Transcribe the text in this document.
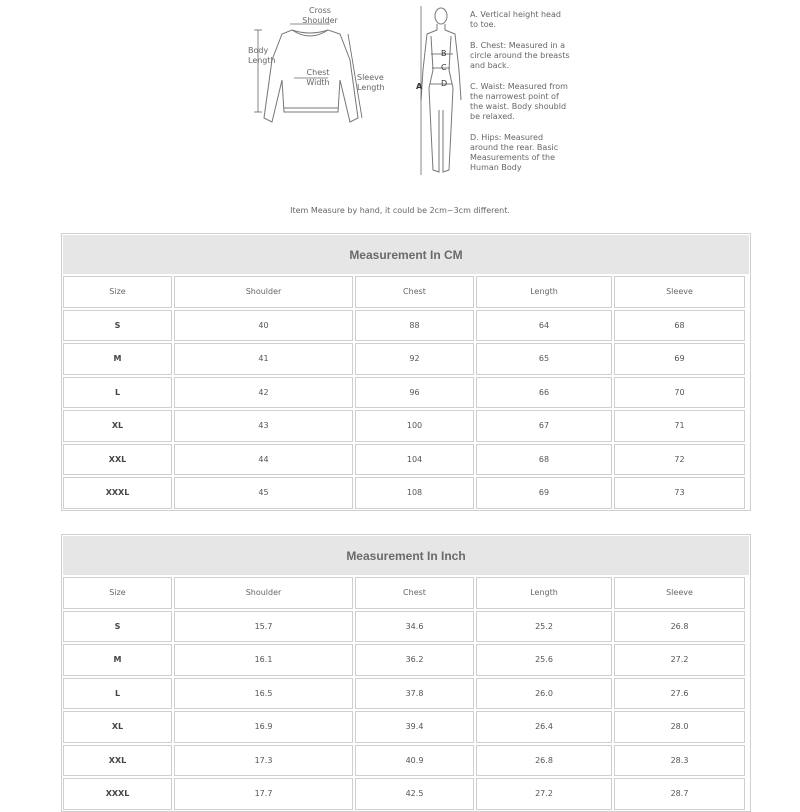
Cross
Shoulder
Body
Length
Chest
Width
Sleeve
Length	A
B
C
D

A. Vertical height head to toe.

B. Chest: Measured in a circle around the breasts and back.

C. Waist: Measured from the narrowest point of the waist. Body shoubld be relaxed.

D. Hips: Measured around the rear. Basic Measurements of the Human Body

Item Measure by hand, it could be 2cm~3cm different.
Measurement In CM
Size	Shoulder	Chest	Length	Sleeve
S	40	88	64	68
M	41	92	65	69
L	42	96	66	70
XL	43	100	67	71
XXL	44	104	68	72
XXXL	45	108	69	73
Measurement In Inch
Size	Shoulder	Chest	Length	Sleeve
S	15.7	34.6	25.2	26.8
M	16.1	36.2	25.6	27.2
L	16.5	37.8	26.0	27.6
XL	16.9	39.4	26.4	28.0
XXL	17.3	40.9	26.8	28.3
XXXL	17.7	42.5	27.2	28.7
